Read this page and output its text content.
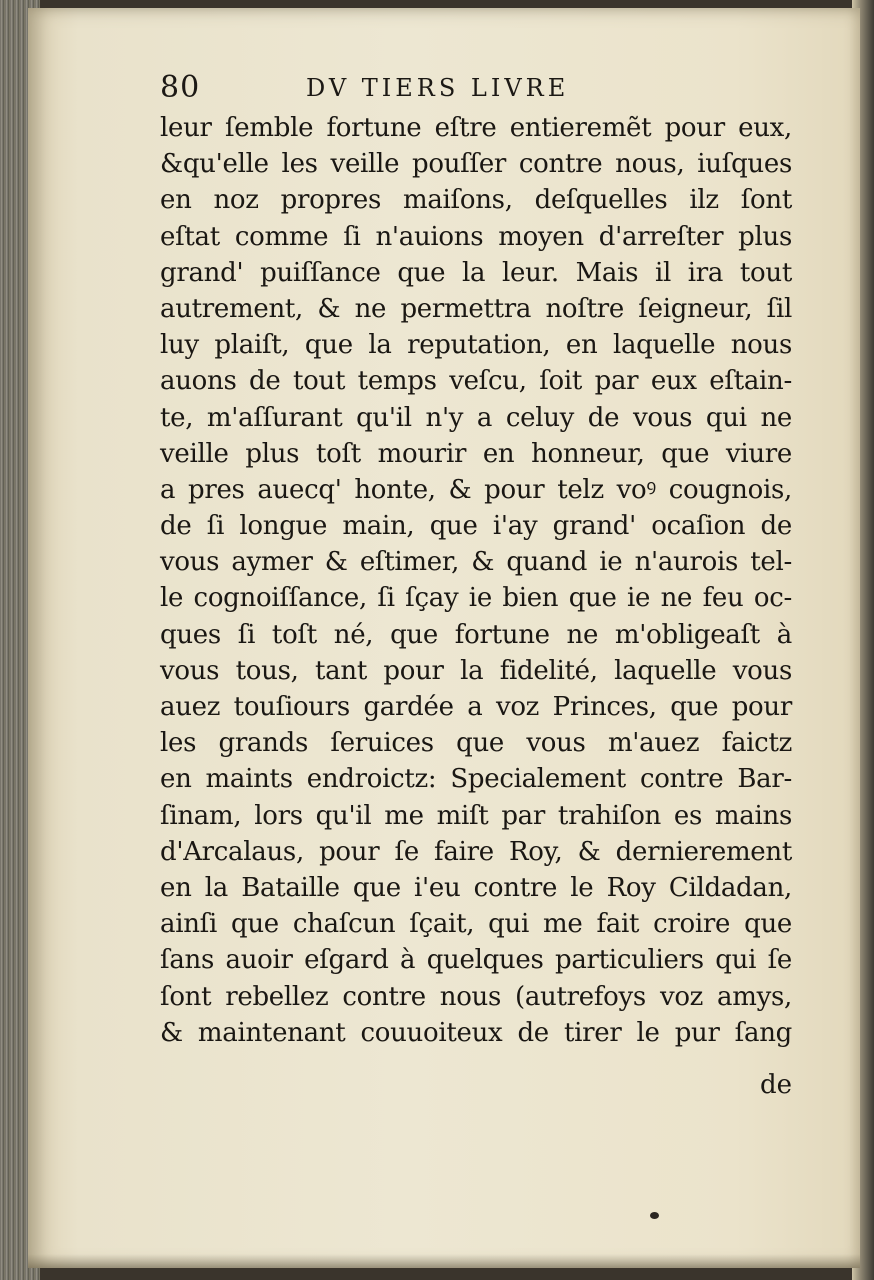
80	DV TIERS LIVRE
leur ſemble fortune eſtre entieremẽt pour eux,
&qu'elle les veille pouſſer contre nous, iuſques
en noz propres maiſons, deſquelles ilz ſont
eſtat comme ſi n'auions moyen d'arreſter plus
grand' puiſſance que la leur. Mais il ira tout
autrement, & ne permettra noſtre ſeigneur, ſil
luy plaiſt, que la reputation, en laquelle nous
auons de tout temps veſcu, ſoit par eux eſtain-
te, m'aſſurant qu'il n'y a celuy de vous qui ne
veille plus toſt mourir en honneur, que viure
a pres auecq' honte, & pour telz voꝰ cougnois,
de ſi longue main, que i'ay grand' ocaſion de
vous aymer & eſtimer, & quand ie n'aurois tel-
le cognoiſſance, ſi ſçay ie bien que ie ne feu oc-
ques ſi toſt né, que fortune ne m'obligeaſt à
vous tous, tant pour la fidelité, laquelle vous
auez touſiours gardée a voz Princes, que pour
les grands ſeruices que vous m'auez faictz
en maints endroictz: Specialement contre Bar-
ſinam, lors qu'il me miſt par trahiſon es mains
d'Arcalaus, pour ſe faire Roy, & dernierement
en la Bataille que i'eu contre le Roy Cildadan,
ainſi que chaſcun ſçait, qui me fait croire que
ſans auoir eſgard à quelques particuliers qui ſe
ſont rebellez contre nous (autrefoys voz amys,
& maintenant couuoiteux de tirer le pur ſang
de
